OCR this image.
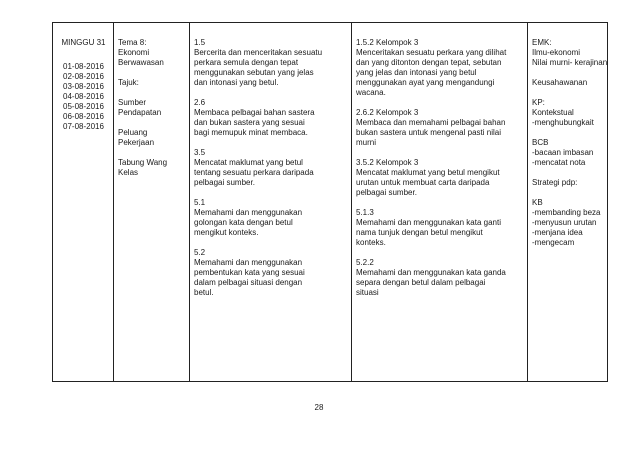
MINGGU 31
01-08-2016
02-08-2016
03-08-2016
04-08-2016
05-08-2016
06-08-2016
07-08-2016

Tema 8:
Ekonomi
Berwawasan
Tajuk:
Sumber
Pendapatan
Peluang
Pekerjaan
Tabung Wang
Kelas

1.5
Bercerita dan menceritakan sesuatu
perkara semula dengan tepat
menggunakan sebutan yang jelas
dan intonasi yang betul.
2.6
Membaca pelbagai bahan sastera
dan bukan sastera yang sesuai
bagi memupuk minat membaca.
3.5
Mencatat maklumat yang betul
tentang sesuatu perkara daripada
pelbagai sumber.
5.1
Memahami dan menggunakan
golongan kata dengan betul
mengikut konteks.
5.2
Memahami dan menggunakan
pembentukan kata yang sesuai
dalam pelbagai situasi dengan
betul.

1.5.2 Kelompok 3
Menceritakan sesuatu perkara yang dilihat
dan yang ditonton dengan tepat, sebutan
yang jelas dan intonasi yang betul
menggunakan ayat yang mengandungi
wacana.
2.6.2 Kelompok 3
Membaca dan memahami pelbagai bahan
bukan sastera untuk mengenal pasti nilai
murni
3.5.2 Kelompok 3
Mencatat maklumat yang betul mengikut
urutan untuk membuat carta daripada
pelbagai sumber.
5.1.3
Memahami dan menggunakan kata ganti
nama tunjuk dengan betul mengikut
konteks.
5.2.2
Memahami dan menggunakan kata ganda
separa dengan betul dalam pelbagai
situasi

EMK:
Ilmu-ekonomi
Nilai murni- kerajinan
Keusahawanan
KP:
Kontekstual
-menghubungkait
BCB
-bacaan imbasan
-mencatat nota
Strategi pdp:
KB
-membanding beza
-menyusun urutan
-menjana idea
-mengecam
28
